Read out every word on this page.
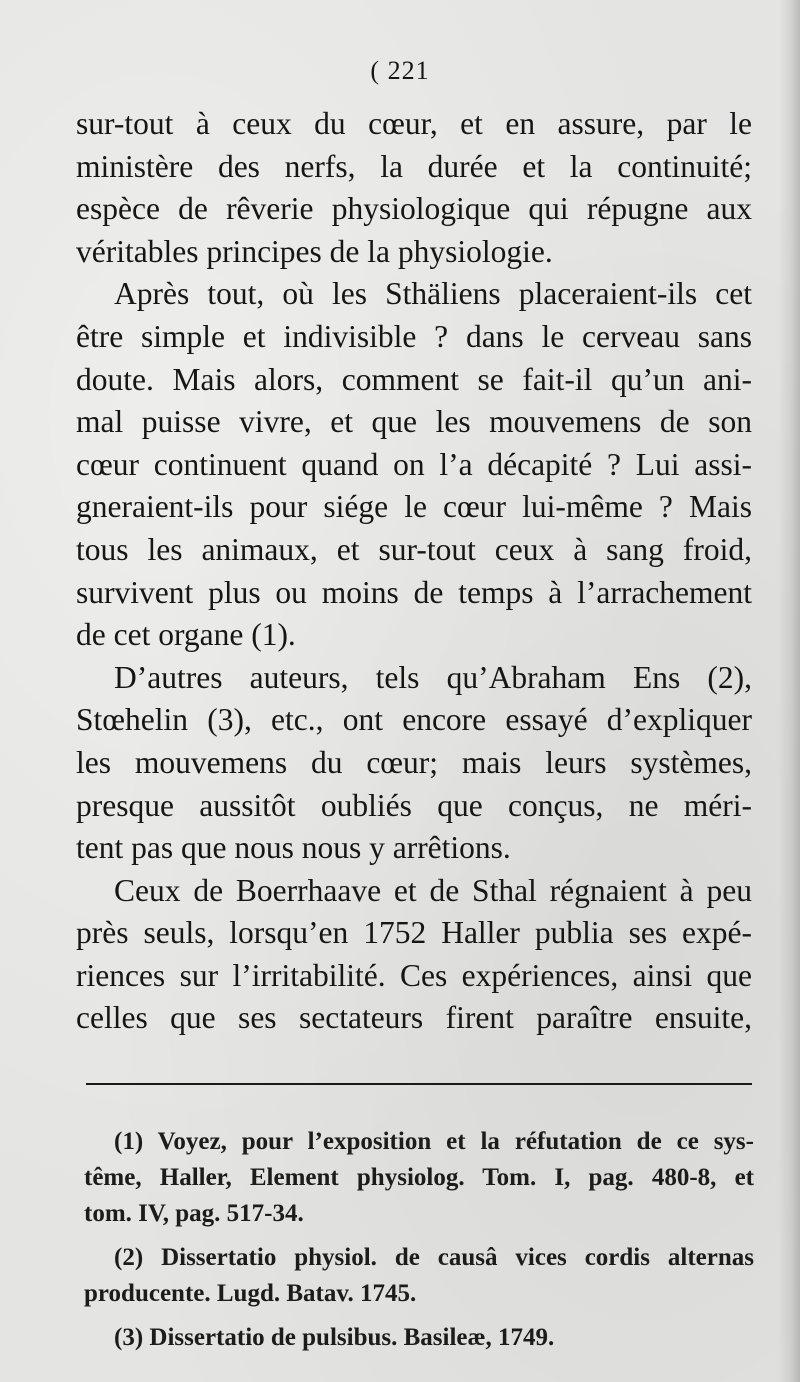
( 221

sur-tout à ceux du cœur, et en assure, par le

ministère des nerfs, la durée et la continuité;

espèce de rêverie physiologique qui répugne aux

véritables principes de la physiologie.

Après tout, où les Sthäliens placeraient-ils cet

être simple et indivisible ? dans le cerveau sans

doute. Mais alors, comment se fait-il qu’un ani-

mal puisse vivre, et que les mouvemens de son

cœur continuent quand on l’a décapité ? Lui assi-

gneraient-ils pour siége le cœur lui-même ? Mais

tous les animaux, et sur-tout ceux à sang froid,

survivent plus ou moins de temps à l’arrachement

de cet organe (1).

D’autres auteurs, tels qu’Abraham Ens (2),

Stœhelin (3), etc., ont encore essayé d’expliquer

les mouvemens du cœur; mais leurs systèmes,

presque aussitôt oubliés que conçus, ne méri-

tent pas que nous nous y arrêtions.

Ceux de Boerrhaave et de Sthal régnaient à peu

près seuls, lorsqu’en 1752 Haller publia ses expé-

riences sur l’irritabilité. Ces expériences, ainsi que

celles que ses sectateurs firent paraître ensuite,

(1) Voyez, pour l’exposition et la réfutation de ce sys-
tême, Haller, Element physiolog. Tom. I, pag. 480-8, et
tom. IV, pag. 517-34.

(2) Dissertatio physiol. de causâ vices cordis alternas
producente. Lugd. Batav. 1745.

(3) Dissertatio de pulsibus. Basileæ, 1749.
